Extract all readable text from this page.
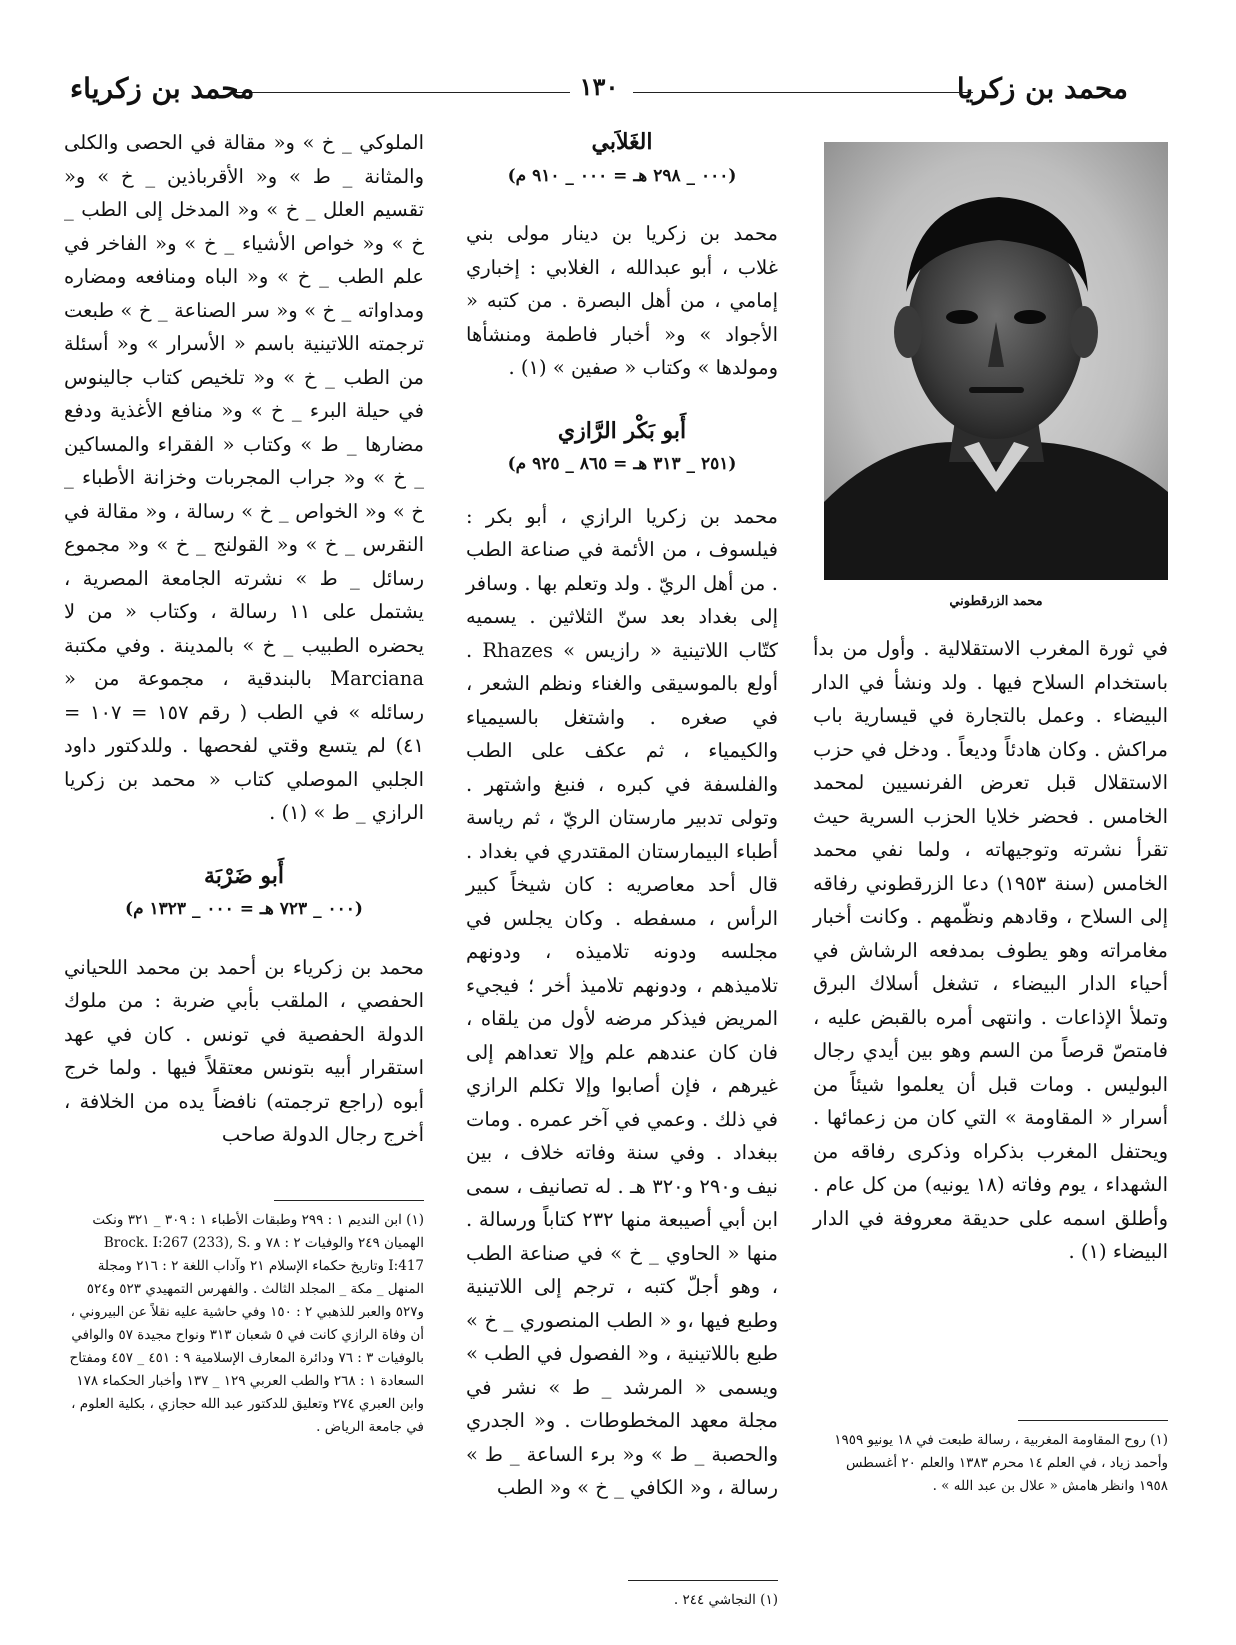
محمد بن زكريا
١٣٠
محمد بن زكرياء
محمد الزرقطوني

في ثورة المغرب الاستقلالية . وأول من بدأ باستخدام السلاح فيها . ولد ونشأ في الدار البيضاء . وعمل بالتجارة في قيسارية باب مراكش . وكان هادئاً وديعاً . ودخل في حزب الاستقلال قبل تعرض الفرنسيين لمحمد الخامس . فحضر خلايا الحزب السرية حيث تقرأ نشرته وتوجيهاته ، ولما نفي محمد الخامس (سنة ١٩٥٣) دعا الزرقطوني رفاقه إلى السلاح ، وقادهم ونظّمهم . وكانت أخبار مغامراته وهو يطوف بمدفعه الرشاش في أحياء الدار البيضاء ، تشغل أسلاك البرق وتملأ الإذاعات . وانتهى أمره بالقبض عليه ، فامتصّ قرصاً من السم وهو بين أيدي رجال البوليس . ومات قبل أن يعلموا شيئاً من أسرار « المقاومة » التي كان من زعمائها . ويحتفل المغرب بذكراه وذكرى رفاقه من الشهداء ، يوم وفاته (١٨ يونيه) من كل عام . وأطلق اسمه على حديقة معروفة في الدار البيضاء (١) .

(١) روح المقاومة المغربية ، رسالة طبعت في ١٨ يونيو ١٩٥٩ وأحمد زياد ، في العلم ١٤ محرم ١٣٨٣ والعلم ٢٠ أغسطس ١٩٥٨ وانظر هامش « علال بن عبد الله » .

الغَلاَبي

(٠٠٠ _ ٢٩٨ هـ = ٠٠٠ _ ٩١٠ م)

محمد بن زكريا بن دينار مولى بني غلاب ، أبو عبدالله ، الغلابي : إخباري إمامي ، من أهل البصرة . من كتبه « الأجواد » و« أخبار فاطمة ومنشأها ومولدها » وكتاب « صفين » (١) .

أَبو بَكْر الرَّازي

(٢٥١ _ ٣١٣ هـ = ٨٦٥ _ ٩٢٥ م)

محمد بن زكريا الرازي ، أبو بكر : فيلسوف ، من الأئمة في صناعة الطب . من أهل الريّ . ولد وتعلم بها . وسافر إلى بغداد بعد سنّ الثلاثين . يسميه كتّاب اللاتينية « رازيس » Rhazes . أولع بالموسيقى والغناء ونظم الشعر ، في صغره . واشتغل بالسيمياء والكيمياء ، ثم عكف على الطب والفلسفة في كبره ، فنبغ واشتهر . وتولى تدبير مارستان الريّ ، ثم رياسة أطباء البيمارستان المقتدري في بغداد . قال أحد معاصريه : كان شيخاً كبير الرأس ، مسفطه . وكان يجلس في مجلسه ودونه تلاميذه ، ودونهم تلاميذهم ، ودونهم تلاميذ أخر ؛ فيجيء المريض فيذكر مرضه لأول من يلقاه ، فان كان عندهم علم وإلا تعداهم إلى غيرهم ، فإن أصابوا وإلا تكلم الرازي في ذلك . وعمي في آخر عمره . ومات ببغداد . وفي سنة وفاته خلاف ، بين نيف و٢٩٠ و٣٢٠ هـ . له تصانيف ، سمى ابن أبي أصيبعة منها ٢٣٢ كتاباً ورسالة . منها « الحاوي _ خ » في صناعة الطب ، وهو أجلّ كتبه ، ترجم إلى اللاتينية وطبع فيها ،و « الطب المنصوري _ خ » طبع باللاتينية ، و« الفصول في الطب » ويسمى « المرشد _ ط » نشر في مجلة معهد المخطوطات . و« الجدري والحصبة _ ط » و« برء الساعة _ ط » رسالة ، و« الكافي _ خ » و« الطب

(١) النجاشي ٢٤٤ .

الملوكي _ خ » و« مقالة في الحصى والكلى والمثانة _ ط » و« الأقرباذين _ خ » و« تقسيم العلل _ خ » و« المدخل إلى الطب _ خ » و« خواص الأشياء _ خ » و« الفاخر في علم الطب _ خ » و« الباه ومنافعه ومضاره ومداواته _ خ » و« سر الصناعة _ خ » طبعت ترجمته اللاتينية باسم « الأسرار » و« أسئلة من الطب _ خ » و« تلخيص كتاب جالينوس في حيلة البرء _ خ » و« منافع الأغذية ودفع مضارها _ ط » وكتاب « الفقراء والمساكين _ خ » و« جراب المجربات وخزانة الأطباء _ خ » و« الخواص _ خ » رسالة ، و« مقالة في النقرس _ خ » و« القولنج _ خ » و« مجموع رسائل _ ط » نشرته الجامعة المصرية ، يشتمل على ١١ رسالة ، وكتاب « من لا يحضره الطبيب _ خ » بالمدينة . وفي مكتبة Marciana بالبندقية ، مجموعة من « رسائله » في الطب ( رقم ١٥٧ = ١٠٧ = ٤١) لم يتسع وقتي لفحصها . وللدكتور داود الجلبي الموصلي كتاب « محمد بن زكريا الرازي _ ط » (١) .

أَبو ضَرْبَة

(٠٠٠ _ ٧٢٣ هـ = ٠٠٠ _ ١٣٢٣ م)

محمد بن زكرياء بن أحمد بن محمد اللحياني الحفصي ، الملقب بأبي ضربة : من ملوك الدولة الحفصية في تونس . كان في عهد استقرار أبيه بتونس معتقلاً فيها . ولما خرج أبوه (راجع ترجمته) نافضاً يده من الخلافة ، أخرج رجال الدولة صاحب

(١) ابن النديم ١ : ٢٩٩ وطبقات الأطباء ١ : ٣٠٩ _ ٣٢١ ونكت الهميان ٢٤٩ والوفيات ٢ : ٧٨ و Brock. I:267 (233), S. I:417 وتاريخ حكماء الإسلام ٢١ وآداب اللغة ٢ : ٢١٦ ومجلة المنهل _ مكة _ المجلد الثالث . والفهرس التمهيدي ٥٢٣ و٥٢٤ و٥٢٧ والعبر للذهبي ٢ : ١٥٠ وفي حاشية عليه نقلاً عن البيروني ، أن وفاة الرازي كانت في ٥ شعبان ٣١٣ ونواح مجيدة ٥٧ والوافي بالوفيات ٣ : ٧٦ ودائرة المعارف الإسلامية ٩ : ٤٥١ _ ٤٥٧ ومفتاح السعادة ١ : ٢٦٨ والطب العربي ١٢٩ _ ١٣٧ وأخبار الحكماء ١٧٨ وابن العبري ٢٧٤ وتعليق للدكتور عبد الله حجازي ، بكلية العلوم ، في جامعة الرياض .
